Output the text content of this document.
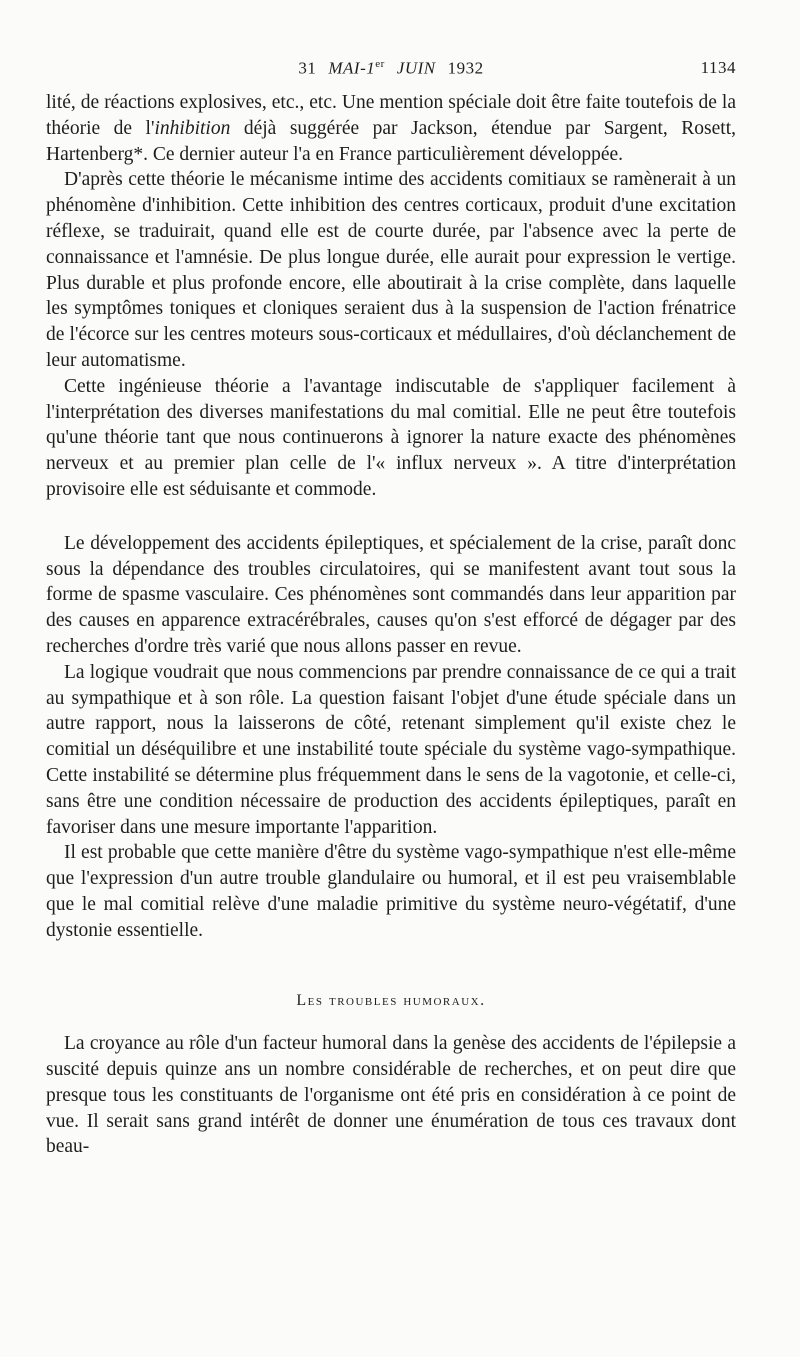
31 MAI-1er JUIN 1932	1134

lité, de réactions explosives, etc., etc. Une mention spéciale doit être faite toutefois de la théorie de l'inhibition déjà suggérée par Jackson, étendue par Sargent, Rosett, Hartenberg*. Ce dernier auteur l'a en France particulièrement développée.

D'après cette théorie le mécanisme intime des accidents comitiaux se ramènerait à un phénomène d'inhibition. Cette inhibition des centres corticaux, produit d'une excitation réflexe, se traduirait, quand elle est de courte durée, par l'absence avec la perte de connaissance et l'amnésie. De plus longue durée, elle aurait pour expression le vertige. Plus durable et plus profonde encore, elle aboutirait à la crise complète, dans laquelle les symptômes toniques et cloniques seraient dus à la suspension de l'action frénatrice de l'écorce sur les centres moteurs sous-corticaux et médullaires, d'où déclanchement de leur automatisme.

Cette ingénieuse théorie a l'avantage indiscutable de s'appliquer facilement à l'interprétation des diverses manifestations du mal comitial. Elle ne peut être toutefois qu'une théorie tant que nous continuerons à ignorer la nature exacte des phénomènes nerveux et au premier plan celle de l'« influx nerveux ». A titre d'interprétation provisoire elle est séduisante et commode.

Le développement des accidents épileptiques, et spécialement de la crise, paraît donc sous la dépendance des troubles circulatoires, qui se manifestent avant tout sous la forme de spasme vasculaire. Ces phénomènes sont commandés dans leur apparition par des causes en apparence extracérébrales, causes qu'on s'est efforcé de dégager par des recherches d'ordre très varié que nous allons passer en revue.

La logique voudrait que nous commencions par prendre connaissance de ce qui a trait au sympathique et à son rôle. La question faisant l'objet d'une étude spéciale dans un autre rapport, nous la laisserons de côté, retenant simplement qu'il existe chez le comitial un déséquilibre et une instabilité toute spéciale du système vago-sympathique. Cette instabilité se détermine plus fréquemment dans le sens de la vagotonie, et celle-ci, sans être une condition nécessaire de production des accidents épileptiques, paraît en favoriser dans une mesure importante l'apparition.

Il est probable que cette manière d'être du système vago-sympathique n'est elle-même que l'expression d'un autre trouble glandulaire ou humoral, et il est peu vraisemblable que le mal comitial relève d'une maladie primitive du système neuro-végétatif, d'une dystonie essentielle.

Les troubles humoraux.

La croyance au rôle d'un facteur humoral dans la genèse des accidents de l'épilepsie a suscité depuis quinze ans un nombre considérable de recherches, et on peut dire que presque tous les constituants de l'organisme ont été pris en considération à ce point de vue. Il serait sans grand intérêt de donner une énumération de tous ces travaux dont beau-
